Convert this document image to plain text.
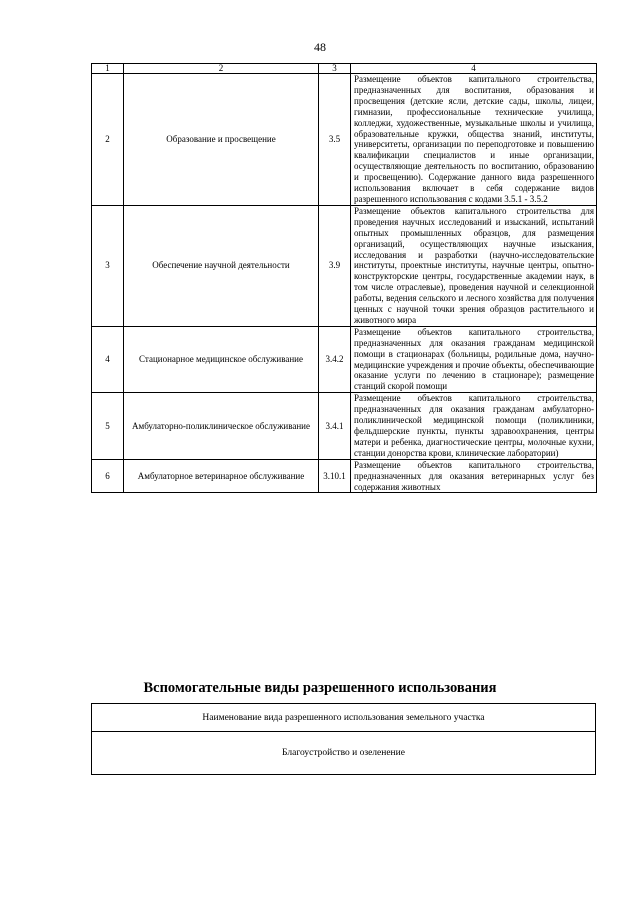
48
1	2	3	4
2	Образование и просвещение	3.5	Размещение объектов капитального строительства, предназначенных для воспитания, образования и просвещения (детские ясли, детские сады, школы, лицеи, гимназии, профессиональные технические училища, колледжи, художественные, музыкальные школы и училища, образовательные кружки, общества знаний, институты, университеты, организации по переподготовке и повышению квалификации специалистов и иные организации, осуществляющие деятельность по воспитанию, образованию и просвещению). Содержание данного вида разрешенного использования включает в себя содержание видов разрешенного использования с кодами 3.5.1 - 3.5.2
3	Обеспечение научной деятельности	3.9	Размещение объектов капитального строительства для проведения научных исследований и изысканий, испытаний опытных промышленных образцов, для размещения организаций, осуществляющих научные изыскания, исследования и разработки (научно-исследовательские институты, проектные институты, научные центры, опытно-конструкторские центры, государственные академии наук, в том числе отраслевые), проведения научной и селекционной работы, ведения сельского и лесного хозяйства для получения ценных с научной точки зрения образцов растительного и животного мира
4	Стационарное медицинское обслуживание	3.4.2	Размещение объектов капитального строительства, предназначенных для оказания гражданам медицинской помощи в стационарах (больницы, родильные дома, научно-медицинские учреждения и прочие объекты, обеспечивающие оказание услуги по лечению в стационаре); размещение станций скорой помощи
5	Амбулаторно-поликлиническое обслуживание	3.4.1	Размещение объектов капитального строительства, предназначенных для оказания гражданам амбулаторно-поликлинической медицинской помощи (поликлиники, фельдшерские пункты, пункты здравоохранения, центры матери и ребенка, диагностические центры, молочные кухни, станции донорства крови, клинические лаборатории)
6	Амбулаторное ветеринарное обслуживание	3.10.1	Размещение объектов капитального строительства, предназначенных для оказания ветеринарных услуг без содержания животных
Вспомогательные виды разрешенного использования
Наименование вида разрешенного использования земельного участка
Благоустройство и озеленение
